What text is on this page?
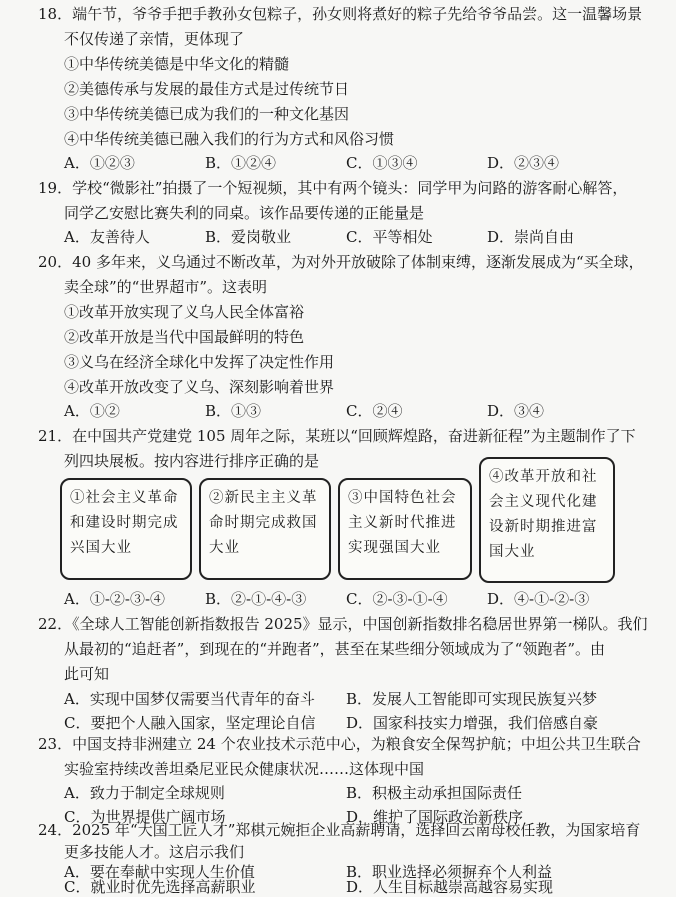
18．端午节，爷爷手把手教孙女包粽子，孙女则将煮好的粽子先给爷爷品尝。这一温馨场景
不仅传递了亲情，更体现了
①中华传统美德是中华文化的精髓
②美德传承与发展的最佳方式是过传统节日
③中华传统美德已成为我们的一种文化基因
④中华传统美德已融入我们的行为方式和风俗习惯
A．①②③	B．①②④	C．①③④	D．②③④
19．学校“微影社”拍摄了一个短视频，其中有两个镜头：同学甲为问路的游客耐心解答，
同学乙安慰比赛失利的同桌。该作品要传递的正能量是
A．友善待人	B．爱岗敬业	C．平等相处	D．崇尚自由
20．40 多年来，义乌通过不断改革，为对外开放破除了体制束缚，逐渐发展成为“买全球，
卖全球”的“世界超市”。这表明
①改革开放实现了义乌人民全体富裕
②改革开放是当代中国最鲜明的特色
③义乌在经济全球化中发挥了决定性作用
④改革开放改变了义乌、深刻影响着世界
A．①②	B．①③	C．②④	D．③④
21．在中国共产党建党 105 周年之际，某班以“回顾辉煌路，奋进新征程”为主题制作了下
列四块展板。按内容进行排序正确的是
①社会主义革命
和建设时期完成
兴国大业
②新民主主义革
命时期完成救国
大业
③中国特色社会
主义新时代推进
实现强国大业
④改革开放和社
会主义现代化建
设新时期推进富
国大业
A．①-②-③-④	B．②-①-④-③	C．②-③-①-④	D．④-①-②-③
22．《全球人工智能创新指数报告 2025》显示，中国创新指数排名稳居世界第一梯队。我们
从最初的“追赶者”，到现在的“并跑者”，甚至在某些细分领域成为了“领跑者”。由
此可知
A．实现中国梦仅需要当代青年的奋斗 B．发展人工智能即可实现民族复兴梦
C．要把个人融入国家，坚定理论自信 D．国家科技实力增强，我们倍感自豪
23．中国支持非洲建立 24 个农业技术示范中心，为粮食安全保驾护航；中坦公共卫生联合
实验室持续改善坦桑尼亚民众健康状况……这体现中国
A．致力于制定全球规则	B．积极主动承担国际责任
C．为世界提供广阔市场	D．维护了国际政治新秩序
24．2025 年“大国工匠人才”郑棋元婉拒企业高薪聘请，选择回云南母校任教，为国家培育
更多技能人才。这启示我们
A．要在奉献中实现人生价值	B．职业选择必须摒弃个人利益
C．就业时优先选择高薪职业	D．人生目标越崇高越容易实现
